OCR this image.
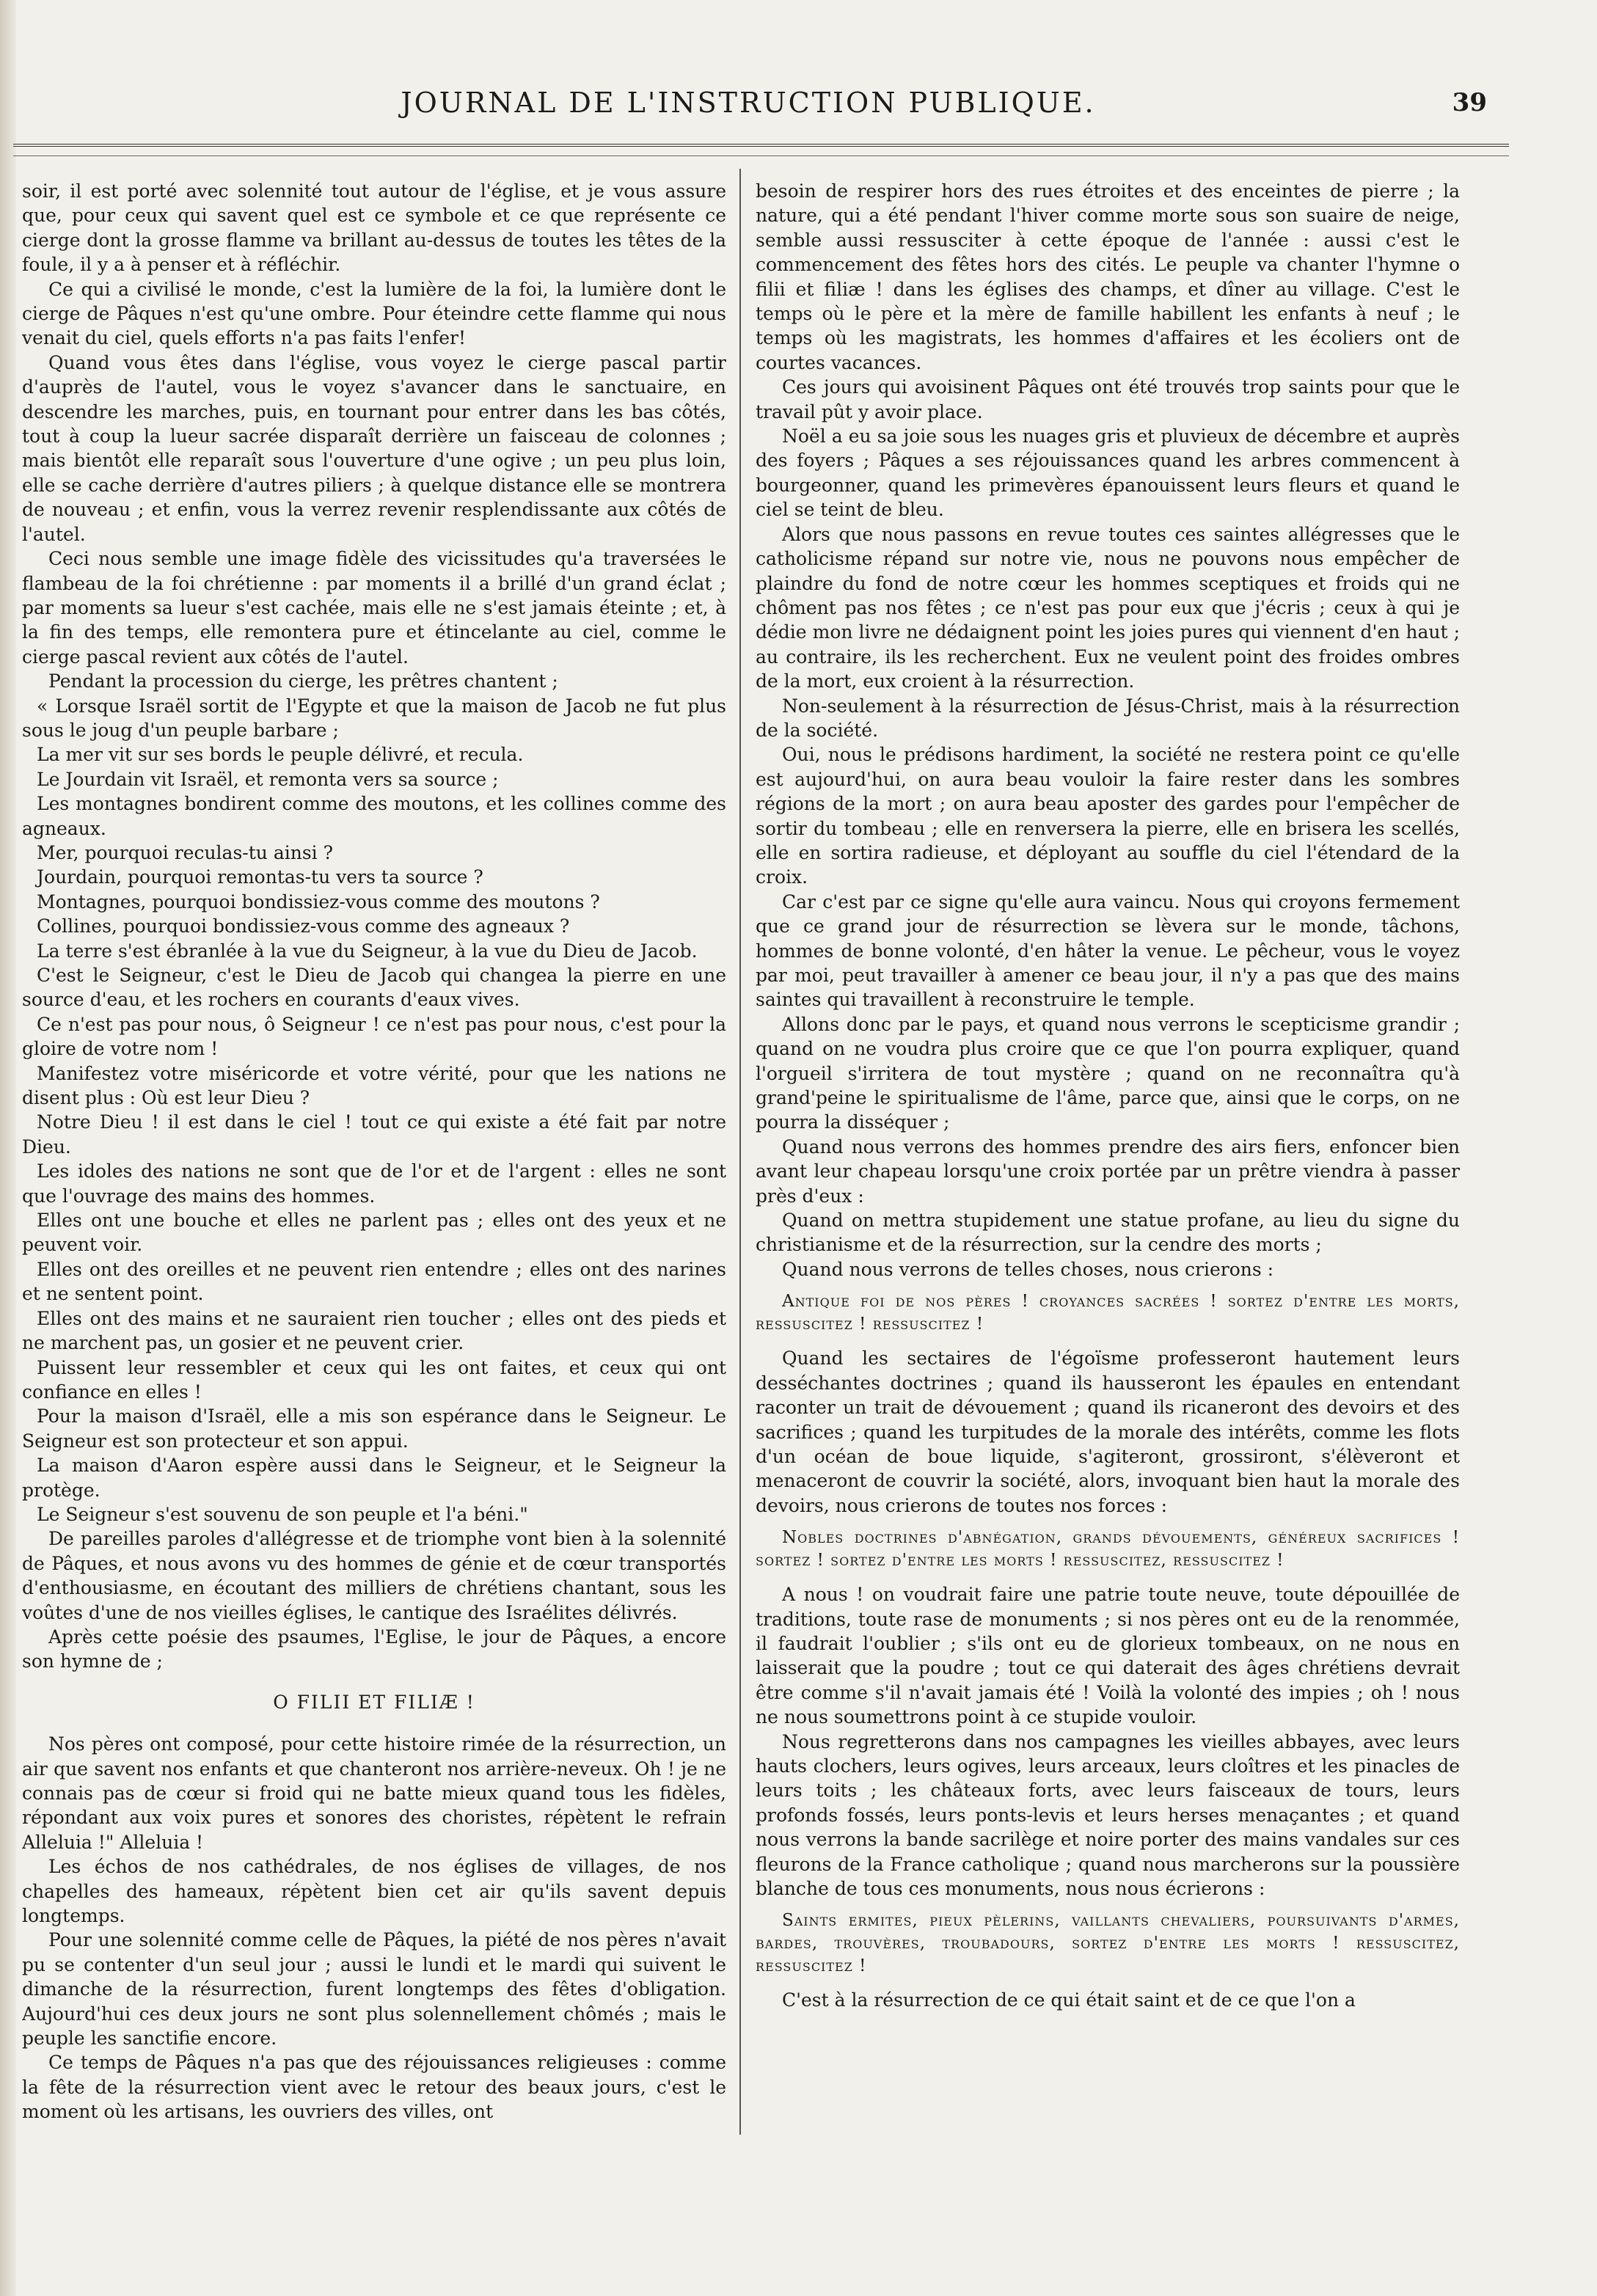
JOURNAL DE L'INSTRUCTION PUBLIQUE.	39

soir, il est porté avec solennité tout autour de l'église, et je vous assure que, pour ceux qui savent quel est ce symbole et ce que représente ce cierge dont la grosse flamme va brillant au-dessus de toutes les têtes de la foule, il y a à penser et à réfléchir.

Ce qui a civilisé le monde, c'est la lumière de la foi, la lumière dont le cierge de Pâques n'est qu'une ombre. Pour éteindre cette flamme qui nous venait du ciel, quels efforts n'a pas faits l'enfer!

Quand vous êtes dans l'église, vous voyez le cierge pascal partir d'auprès de l'autel, vous le voyez s'avancer dans le sanctuaire, en descendre les marches, puis, en tournant pour entrer dans les bas côtés, tout à coup la lueur sacrée disparaît derrière un faisceau de colonnes ; mais bientôt elle reparaît sous l'ouverture d'une ogive ; un peu plus loin, elle se cache derrière d'autres piliers ; à quelque distance elle se montrera de nouveau ; et enfin, vous la verrez revenir resplendissante aux côtés de l'autel.

Ceci nous semble une image fidèle des vicissitudes qu'a traversées le flambeau de la foi chrétienne : par moments il a brillé d'un grand éclat ; par moments sa lueur s'est cachée, mais elle ne s'est jamais éteinte ; et, à la fin des temps, elle remontera pure et étincelante au ciel, comme le cierge pascal revient aux côtés de l'autel.

Pendant la procession du cierge, les prêtres chantent ;

« Lorsque Israël sortit de l'Egypte et que la maison de Jacob ne fut plus sous le joug d'un peuple barbare ;

La mer vit sur ses bords le peuple délivré, et recula.

Le Jourdain vit Israël, et remonta vers sa source ;

Les montagnes bondirent comme des moutons, et les collines comme des agneaux.

Mer, pourquoi reculas-tu ainsi ?

Jourdain, pourquoi remontas-tu vers ta source ?

Montagnes, pourquoi bondissiez-vous comme des moutons ?

Collines, pourquoi bondissiez-vous comme des agneaux ?

La terre s'est ébranlée à la vue du Seigneur, à la vue du Dieu de Jacob.

C'est le Seigneur, c'est le Dieu de Jacob qui changea la pierre en une source d'eau, et les rochers en courants d'eaux vives.

Ce n'est pas pour nous, ô Seigneur ! ce n'est pas pour nous, c'est pour la gloire de votre nom !

Manifestez votre miséricorde et votre vérité, pour que les nations ne disent plus : Où est leur Dieu ?

Notre Dieu ! il est dans le ciel ! tout ce qui existe a été fait par notre Dieu.

Les idoles des nations ne sont que de l'or et de l'argent : elles ne sont que l'ouvrage des mains des hommes.

Elles ont une bouche et elles ne parlent pas ; elles ont des yeux et ne peuvent voir.

Elles ont des oreilles et ne peuvent rien entendre ; elles ont des narines et ne sentent point.

Elles ont des mains et ne sauraient rien toucher ; elles ont des pieds et ne marchent pas, un gosier et ne peuvent crier.

Puissent leur ressembler et ceux qui les ont faites, et ceux qui ont confiance en elles !

Pour la maison d'Israël, elle a mis son espérance dans le Seigneur. Le Seigneur est son protecteur et son appui.

La maison d'Aaron espère aussi dans le Seigneur, et le Seigneur la protège.

Le Seigneur s'est souvenu de son peuple et l'a béni."

De pareilles paroles d'allégresse et de triomphe vont bien à la solennité de Pâques, et nous avons vu des hommes de génie et de cœur transportés d'enthousiasme, en écoutant des milliers de chrétiens chantant, sous les voûtes d'une de nos vieilles églises, le cantique des Israélites délivrés.

Après cette poésie des psaumes, l'Eglise, le jour de Pâques, a encore son hymne de ;

O FILII ET FILIÆ !

Nos pères ont composé, pour cette histoire rimée de la résurrection, un air que savent nos enfants et que chanteront nos arrière-neveux. Oh ! je ne connais pas de cœur si froid qui ne batte mieux quand tous les fidèles, répondant aux voix pures et sonores des choristes, répètent le refrain Alleluia !" Alleluia !

Les échos de nos cathédrales, de nos églises de villages, de nos chapelles des hameaux, répètent bien cet air qu'ils savent depuis longtemps.

Pour une solennité comme celle de Pâques, la piété de nos pères n'avait pu se contenter d'un seul jour ; aussi le lundi et le mardi qui suivent le dimanche de la résurrection, furent longtemps des fêtes d'obligation. Aujourd'hui ces deux jours ne sont plus solennellement chômés ; mais le peuple les sanctifie encore.

Ce temps de Pâques n'a pas que des réjouissances religieuses : comme la fête de la résurrection vient avec le retour des beaux jours, c'est le moment où les artisans, les ouvriers des villes, ont

besoin de respirer hors des rues étroites et des enceintes de pierre ; la nature, qui a été pendant l'hiver comme morte sous son suaire de neige, semble aussi ressusciter à cette époque de l'année : aussi c'est le commencement des fêtes hors des cités. Le peuple va chanter l'hymne o filii et filiæ ! dans les églises des champs, et dîner au village. C'est le temps où le père et la mère de famille habillent les enfants à neuf ; le temps où les magistrats, les hommes d'affaires et les écoliers ont de courtes vacances.

Ces jours qui avoisinent Pâques ont été trouvés trop saints pour que le travail pût y avoir place.

Noël a eu sa joie sous les nuages gris et pluvieux de décembre et auprès des foyers ; Pâques a ses réjouissances quand les arbres commencent à bourgeonner, quand les primevères épanouissent leurs fleurs et quand le ciel se teint de bleu.

Alors que nous passons en revue toutes ces saintes allégresses que le catholicisme répand sur notre vie, nous ne pouvons nous empêcher de plaindre du fond de notre cœur les hommes sceptiques et froids qui ne chôment pas nos fêtes ; ce n'est pas pour eux que j'écris ; ceux à qui je dédie mon livre ne dédaignent point les joies pures qui viennent d'en haut ; au contraire, ils les recherchent. Eux ne veulent point des froides ombres de la mort, eux croient à la résurrection.

Non-seulement à la résurrection de Jésus-Christ, mais à la résurrection de la société.

Oui, nous le prédisons hardiment, la société ne restera point ce qu'elle est aujourd'hui, on aura beau vouloir la faire rester dans les sombres régions de la mort ; on aura beau aposter des gardes pour l'empêcher de sortir du tombeau ; elle en renversera la pierre, elle en brisera les scellés, elle en sortira radieuse, et déployant au souffle du ciel l'étendard de la croix.

Car c'est par ce signe qu'elle aura vaincu. Nous qui croyons fermement que ce grand jour de résurrection se lèvera sur le monde, tâchons, hommes de bonne volonté, d'en hâter la venue. Le pêcheur, vous le voyez par moi, peut travailler à amener ce beau jour, il n'y a pas que des mains saintes qui travaillent à reconstruire le temple.

Allons donc par le pays, et quand nous verrons le scepticisme grandir ; quand on ne voudra plus croire que ce que l'on pourra expliquer, quand l'orgueil s'irritera de tout mystère ; quand on ne reconnaîtra qu'à grand'peine le spiritualisme de l'âme, parce que, ainsi que le corps, on ne pourra la disséquer ;

Quand nous verrons des hommes prendre des airs fiers, enfoncer bien avant leur chapeau lorsqu'une croix portée par un prêtre viendra à passer près d'eux :

Quand on mettra stupidement une statue profane, au lieu du signe du christianisme et de la résurrection, sur la cendre des morts ;

Quand nous verrons de telles choses, nous crierons :

Antique foi de nos pères ! croyances sacrées ! sortez d'entre les morts, ressuscitez ! ressuscitez !

Quand les sectaires de l'égoïsme professeront hautement leurs desséchantes doctrines ; quand ils hausseront les épaules en entendant raconter un trait de dévouement ; quand ils ricaneront des devoirs et des sacrifices ; quand les turpitudes de la morale des intérêts, comme les flots d'un océan de boue liquide, s'agiteront, grossiront, s'élèveront et menaceront de couvrir la société, alors, invoquant bien haut la morale des devoirs, nous crierons de toutes nos forces :

Nobles doctrines d'abnégation, grands dévouements, généreux sacrifices ! sortez ! sortez d'entre les morts ! ressuscitez, ressuscitez !

A nous ! on voudrait faire une patrie toute neuve, toute dépouillée de traditions, toute rase de monuments ; si nos pères ont eu de la renommée, il faudrait l'oublier ; s'ils ont eu de glorieux tombeaux, on ne nous en laisserait que la poudre ; tout ce qui daterait des âges chrétiens devrait être comme s'il n'avait jamais été ! Voilà la volonté des impies ; oh ! nous ne nous soumettrons point à ce stupide vouloir.

Nous regretterons dans nos campagnes les vieilles abbayes, avec leurs hauts clochers, leurs ogives, leurs arceaux, leurs cloîtres et les pinacles de leurs toits ; les châteaux forts, avec leurs faisceaux de tours, leurs profonds fossés, leurs ponts-levis et leurs herses menaçantes ; et quand nous verrons la bande sacrilège et noire porter des mains vandales sur ces fleurons de la France catholique ; quand nous marcherons sur la poussière blanche de tous ces monuments, nous nous écrierons :

Saints ermites, pieux pèlerins, vaillants chevaliers, poursuivants d'armes, bardes, trouvères, troubadours, sortez d'entre les morts ! ressuscitez, ressuscitez !

C'est à la résurrection de ce qui était saint et de ce que l'on a
